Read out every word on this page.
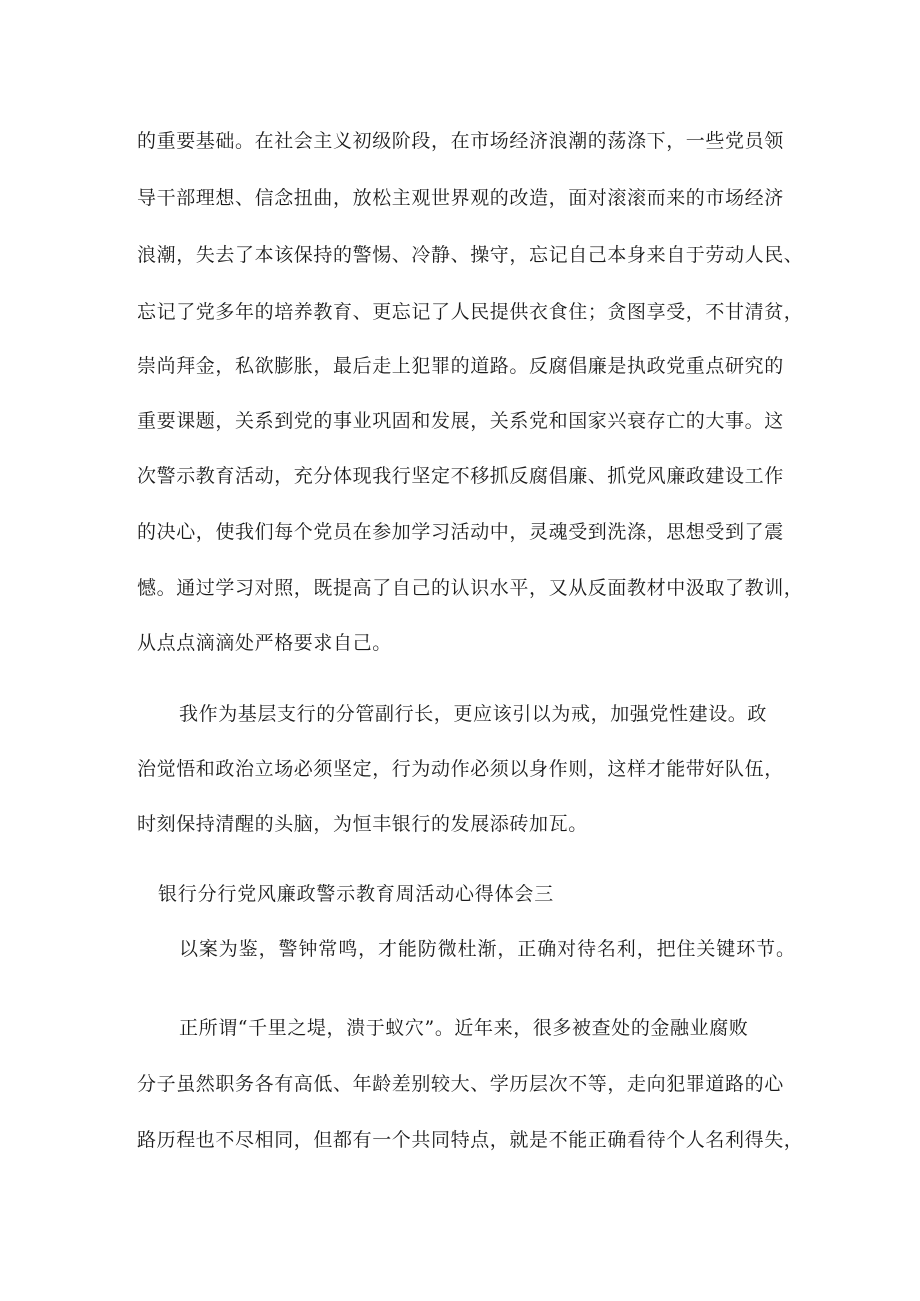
的重要基础。在社会主义初级阶段，在市场经济浪潮的荡涤下，一些党员领
导干部理想、信念扭曲，放松主观世界观的改造，面对滚滚而来的市场经济
浪潮，失去了本该保持的警惕、冷静、操守，忘记自己本身来自于劳动人民、
忘记了党多年的培养教育、更忘记了人民提供衣食住；贪图享受，不甘清贫，
崇尚拜金，私欲膨胀，最后走上犯罪的道路。反腐倡廉是执政党重点研究的
重要课题，关系到党的事业巩固和发展，关系党和国家兴衰存亡的大事。这
次警示教育活动，充分体现我行坚定不移抓反腐倡廉、抓党风廉政建设工作
的决心，使我们每个党员在参加学习活动中，灵魂受到洗涤，思想受到了震
憾。通过学习对照，既提高了自己的认识水平，又从反面教材中汲取了教训，
从点点滴滴处严格要求自己。
我作为基层支行的分管副行长，更应该引以为戒，加强党性建设。政
治觉悟和政治立场必须坚定，行为动作必须以身作则，这样才能带好队伍，
时刻保持清醒的头脑，为恒丰银行的发展添砖加瓦。
银行分行党风廉政警示教育周活动心得体会三
以案为鉴，警钟常鸣，才能防微杜渐，正确对待名利，把住关键环节。
正所谓“千里之堤，溃于蚁穴”。近年来，很多被查处的金融业腐败
分子虽然职务各有高低、年龄差别较大、学历层次不等，走向犯罪道路的心
路历程也不尽相同，但都有一个共同特点，就是不能正确看待个人名利得失，
